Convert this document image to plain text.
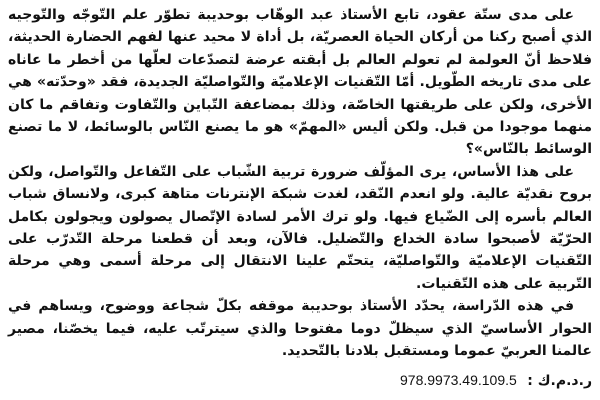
على مدى ستّة عقود، تابع الأستاذ عبد الوهّاب بوحديبة تطوّر علم التّوجّه والتّوجيه الذي أصبح ركنا من أركان الحياة العصريّة، بل أداة لا محيد عنها لفهم الحضارة الحديثة، فلاحظ أنّ العولمة لم تعولم العالم بل أبقته عرضة لتصدّعات لعلّها من أخطر ما عاناه على مدى تاريخه الطّويل. أمّا التّقنيات الإعلاميّة والتّواصليّة الجديدة، فقد «وحدّته» هي الأخرى، ولكن على طريقتها الخاصّة، وذلك بمضاعفة التّباين والتّفاوت وتفاقم ما كان منهما موجودا من قبل. ولكن أليس «المهمّ» هو ما يصنع النّاس بالوسائط، لا ما تصنع الوسائط بالنّاس»؟

على هذا الأساس، يرى المؤلّف ضرورة تربية الشّباب على التّفاعل والتّواصل، ولكن بروح نقديّة عالية. ولو انعدم النّقد، لغدت شبكة الإنترنات متاهة كبرى، ولانساق شباب العالم بأسره إلى الضّياع فيها. ولو ترك الأمر لسادة الإتّصال يصولون ويجولون بكامل الحرّيّة لأصبحوا سادة الخداع والتّضليل. فالآن، وبعد أن قطعنا مرحلة التّدرّب على التّقنيات الإعلاميّة والتّواصليّة، يتحتّم علينا الانتقال إلى مرحلة أسمى وهي مرحلة التّربية على هذه التّقنيات.

في هذه الدّراسة، يحدّد الأستاذ بوحديبة موقفه بكلّ شجاعة ووضوح، ويساهم في الحوار الأساسيّ الذي سيظلّ دوما مفتوحا والذي سيترتّب عليه، فيما يخصّنا، مصير عالمنا العربيّ عموما ومستقبل بلادنا بالتّحديد.

ر.د.م.ك : 978.9973.49.109.5
